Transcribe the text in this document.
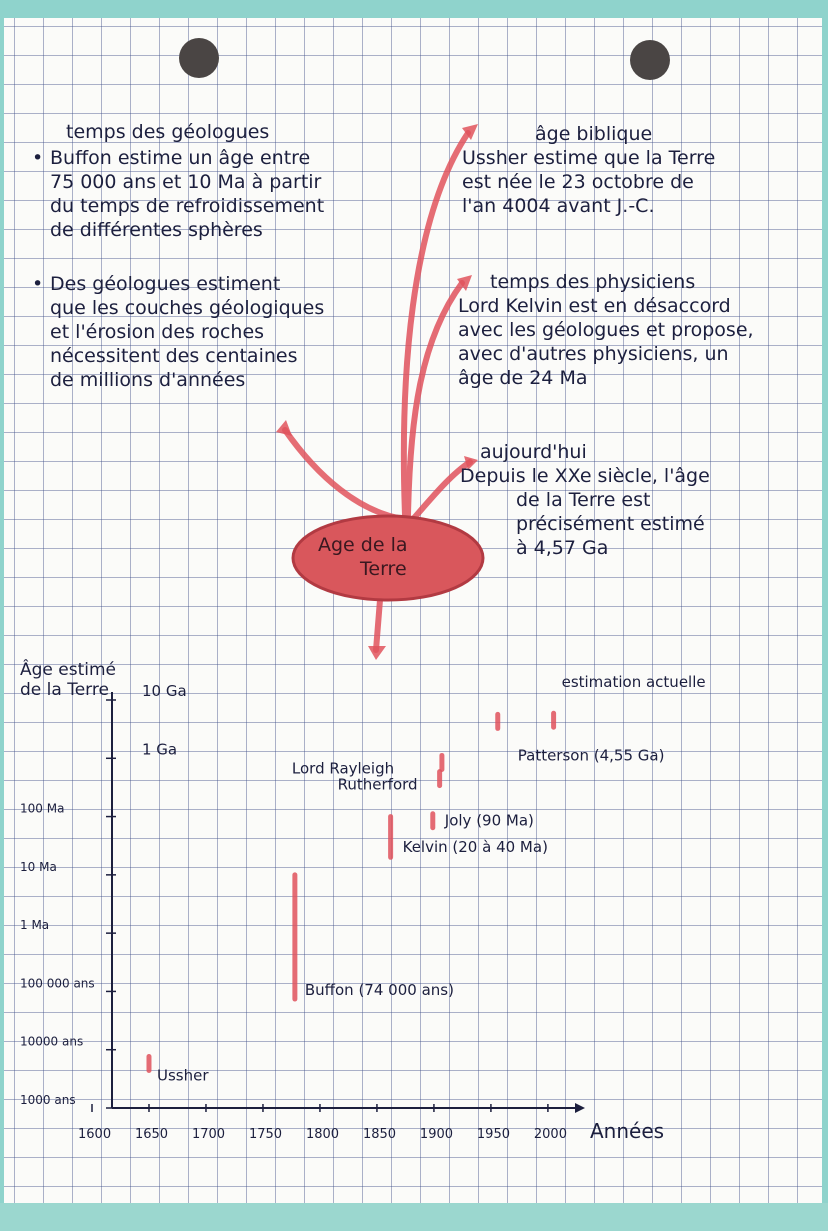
temps des géologues
• Buffon estime un âge entre
75 000 ans et 10 Ma à partir
du temps de refroidissement
de différentes sphères
• Des géologues estiment
que les couches géologiques
et l'érosion des roches
nécessitent des centaines
de millions d'années
âge biblique
Ussher estime que la Terre
est née le 23 octobre de
l'an 4004 avant J.-C.
temps des physiciens
Lord Kelvin est en désaccord
avec les géologues et propose,
avec d'autres physiciens, un
âge de 24 Ma
aujourd'hui
Depuis le XXe siècle, l'âge
de la Terre est
précisément estimé
à 4,57 Ga
Age de la
Terre
Âge estimé de la Terre
1000 ans
10000 ans
100 000 ans
1 Ma
10 Ma
100 Ma
1 Ga
10 Ga
1600 1650 1700 1750 1800 1850 1900 1950 2000 Années
Ussher
Buffon (74 000 ans)
Kelvin (20 à 40 Ma)
Joly (90 Ma)
Rutherford
Lord Rayleigh
Patterson (4,55 Ga)
estimation actuelle
